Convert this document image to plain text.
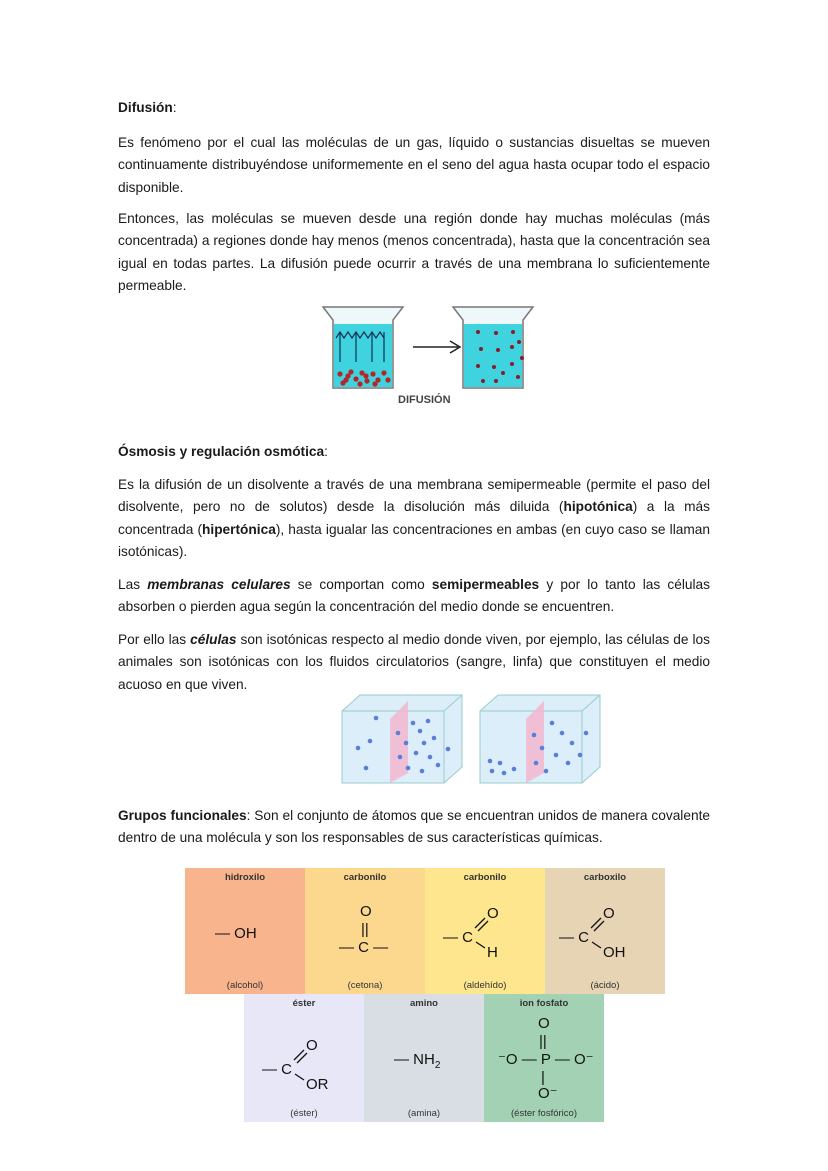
Difusión:

Es fenómeno por el cual las moléculas de un gas, líquido o sustancias disueltas se mueven continuamente distribuyéndose uniformemente en el seno del agua hasta ocupar todo el espacio disponible.

Entonces, las moléculas se mueven desde una región donde hay muchas moléculas (más concentrada) a regiones donde hay menos (menos concentrada), hasta que la concentración sea igual en todas partes. La difusión puede ocurrir a través de una membrana lo suficientemente permeable.

DIFUSIÓN
Ósmosis y regulación osmótica:

Es la difusión de un disolvente a través de una membrana semipermeable (permite el paso del disolvente, pero no de solutos) desde la disolución más diluida (hipotónica) a la más concentrada (hipertónica), hasta igualar las concentraciones en ambas (en cuyo caso se llaman isotónicas).

Las membranas celulares se comportan como semipermeables y por lo tanto las células absorben o pierden agua según la concentración del medio donde se encuentren.

Por ello las células son isotónicas respecto al medio donde viven, por ejemplo, las células de los animales son isotónicas con los fluidos circulatorios (sangre, linfa) que constituyen el medio acuoso en que viven.

Grupos funcionales: Son el conjunto de átomos que se encuentran unidos de manera covalente dentro de una molécula y son los responsables de sus características químicas.

hidroxilo
— OH
(alcohol)
carbonilo
O
||
— C —
(cetona)
carbonilo
— C
O
H
(aldehído)
carboxilo
— C
O
OH
(ácido)
éster
— C
O
OR
(éster)
amino
— $NH_2$
(amina)
ion fosfato
O
||
⁻O — P — O⁻
|
O⁻
(éster fosfórico)
